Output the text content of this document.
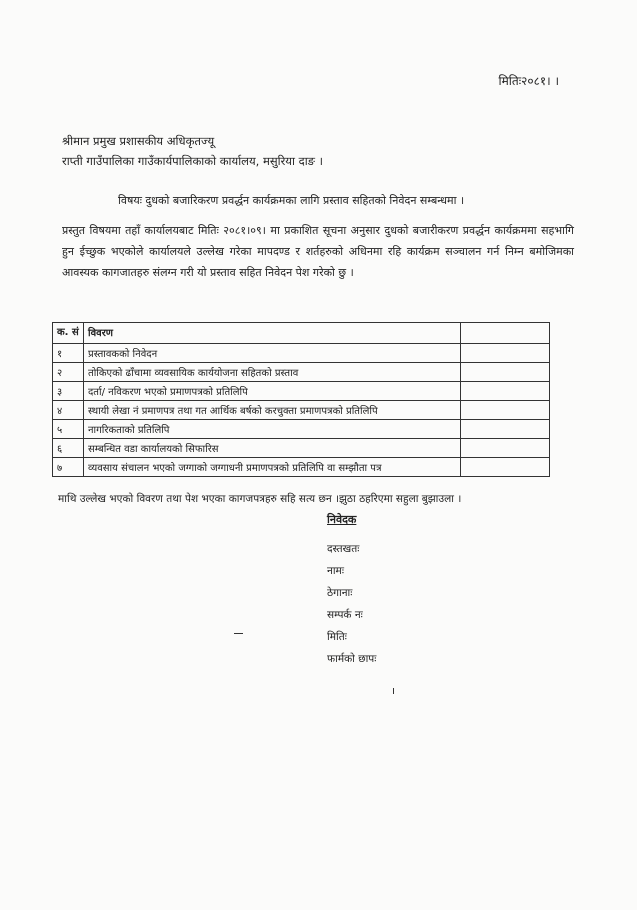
मितिः२०८१। ।
श्रीमान प्रमुख प्रशासकीय अधिकृतज्यू
राप्ती गाउँपालिका गाउँकार्यपालिकाको कार्यालय, मसुरिया दाङ ।
विषयः दुधको बजारिकरण प्रवर्द्धन कार्यक्रमका लागि प्रस्ताव सहितको निवेदन सम्बन्धमा ।
प्रस्तुत विषयमा तहाँ कार्यालयबाट मितिः २०८१।०९। मा प्रकाशित सूचना अनुसार दुधको बजारीकरण प्रवर्द्धन कार्यक्रममा सहभागि हुन ईच्छुक भएकोले कार्यालयले उल्लेख गरेका मापदण्ड र शर्तहरुको अधिनमा रहि कार्यक्रम सञ्चालन गर्न निम्न बमोजिमका आवस्यक कागजातहरु संलग्न गरी यो प्रस्ताव सहित निवेदन पेश गरेको छु ।
क. सं	विवरण	
१	प्रस्तावकको निवेदन	
२	तोकिएको ढाँचामा व्यवसायिक कार्ययोजना सहितको प्रस्ताव	
३	दर्ता/ नविकरण भएको प्रमाणपत्रको प्रतिलिपि	
४	स्थायी लेखा नं प्रमाणपत्र तथा गत आर्थिक बर्षको करचुक्ता प्रमाणपत्रको प्रतिलिपि	
५	नागरिकताको प्रतिलिपि	
६	सम्बन्धित वडा कार्यालयको सिफारिस	
७	व्यवसाय संचालन भएको जग्गाको जग्गाधनी प्रमाणपत्रको प्रतिलिपि वा सम्झौता पत्र	
माथि उल्लेख भएको विवरण तथा पेश भएका कागजपत्रहरु सहि सत्य छन ।झुठा ठहरिएमा सहुला बुझाउला ।
निवेदक
दस्तखतः
नामः
ठेगानाः
सम्पर्क नः
मितिः
फार्मको छापः
